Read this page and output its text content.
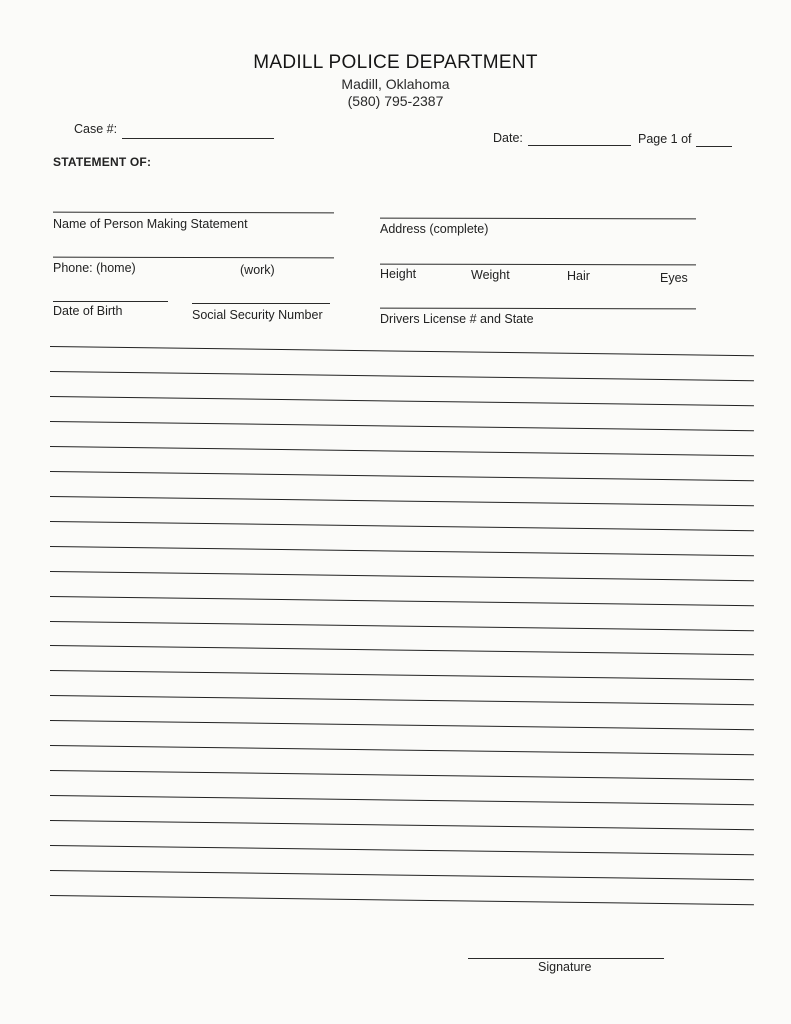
MADILL POLICE DEPARTMENT
Madill, Oklahoma
(580) 795-2387
Case #:
Date:	Page 1 of
STATEMENT OF:
Name of Person Making Statement	Address (complete)
Phone: (home)	(work)	Height	Weight	Hair	Eyes
Date of Birth	Social Security Number	Drivers License # and State
Signature
